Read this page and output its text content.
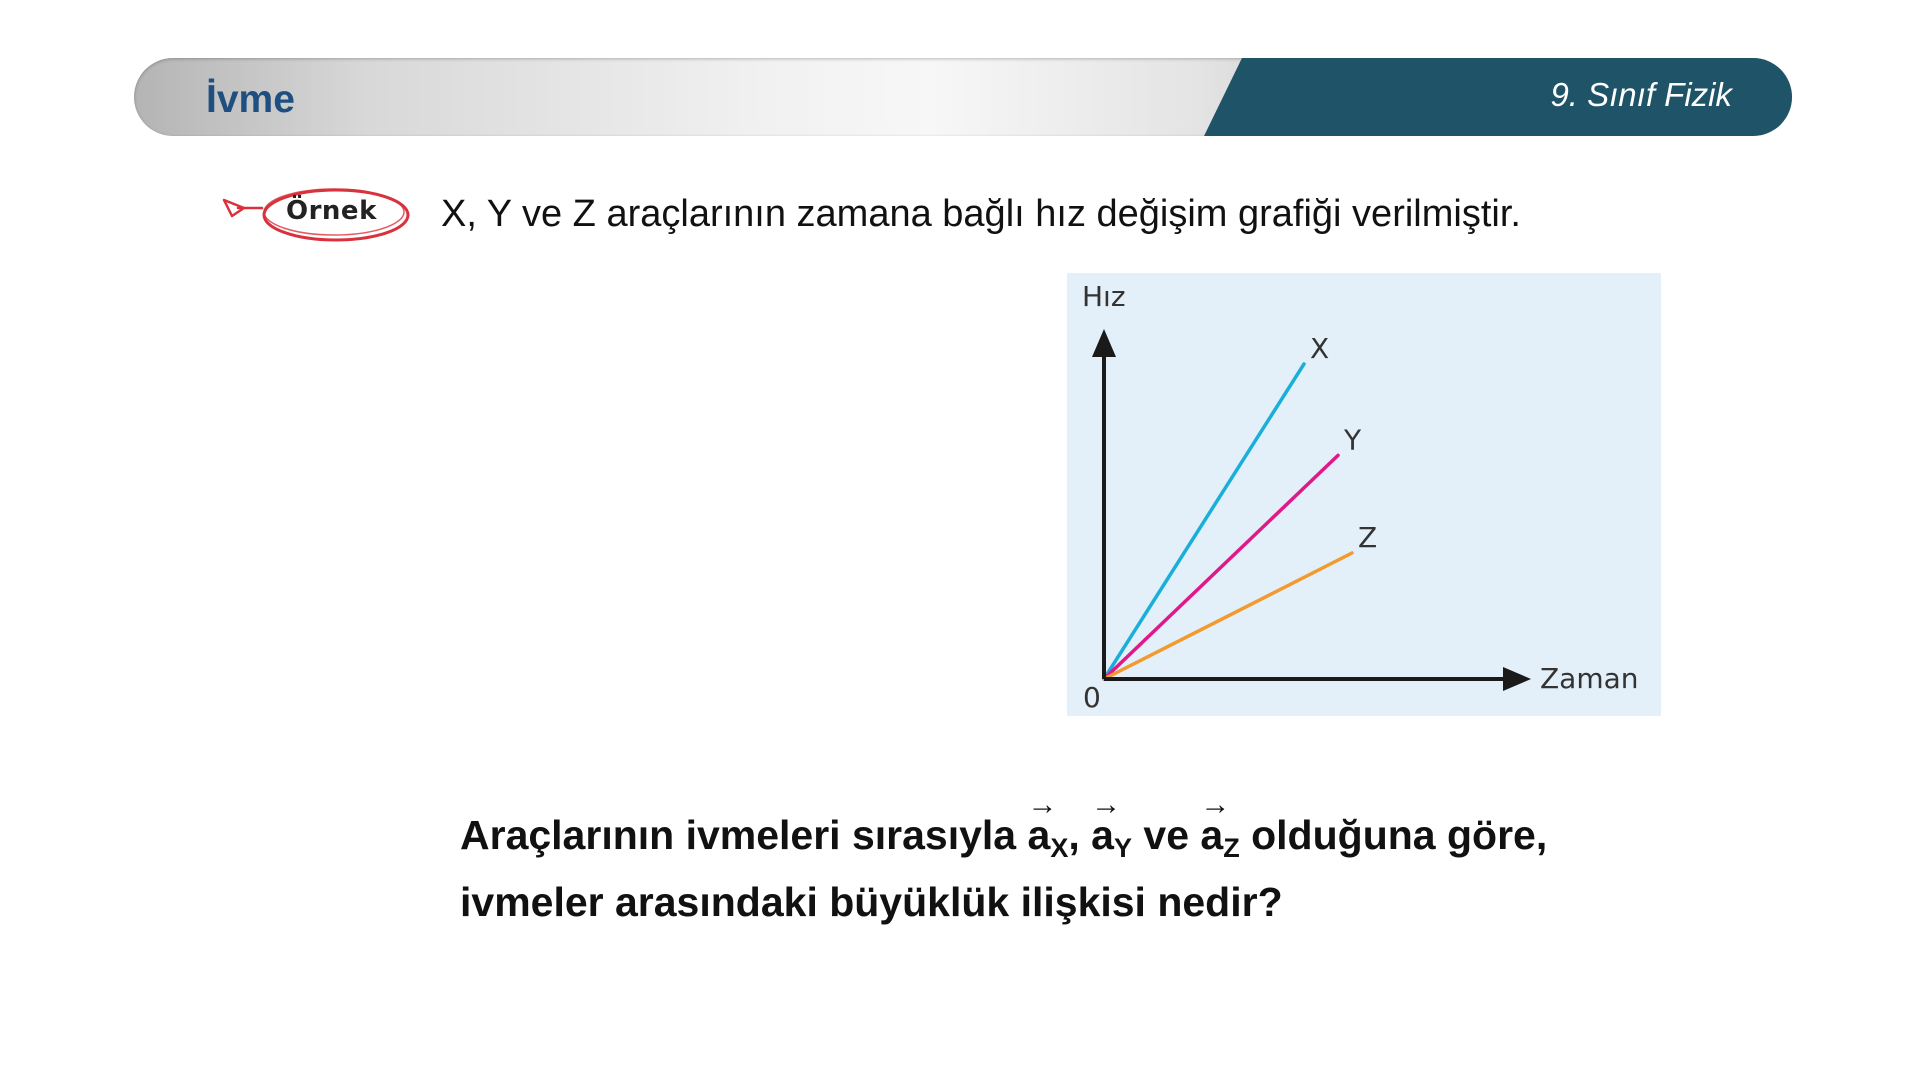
İvme	9. Sınıf Fizik
Örnek X, Y ve Z araçlarının zamana bağlı hız değişim grafiği verilmiştir.
X
Y
Z
Hız
Zaman
0
Araçlarının ivmeleri sırasıyla
→
$a_X$,
→
$a_Y$ ve
→
$a_Z$ olduğuna göre,
ivmeler arasındaki büyüklük ilişkisi nedir?
